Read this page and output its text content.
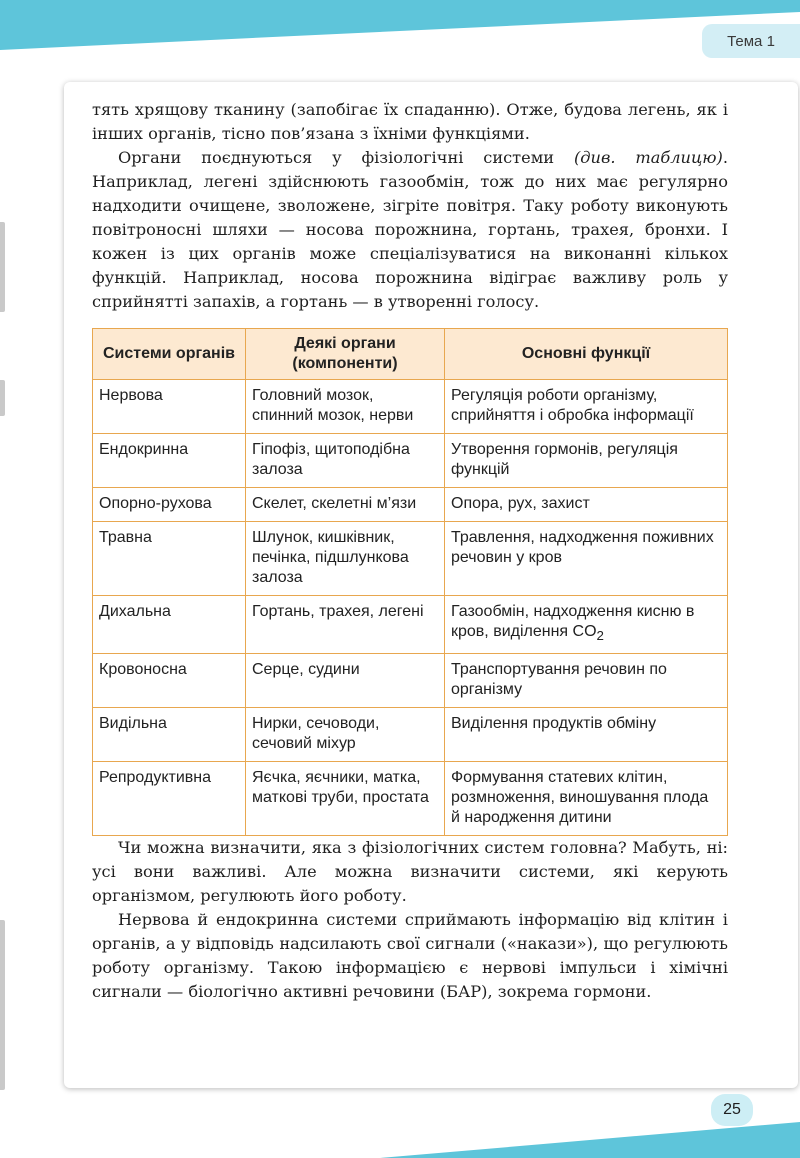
Тема 1

тять хрящову тканину (запобігає їх спаданню). Отже, будова легень, як і інших органів, тісно пов’язана з їхніми функціями.

Органи поєднуються у фізіологічні системи (див. таблицю). Наприклад, легені здійснюють газообмін, тож до них має регулярно надходити очищене, зволожене, зігріте повітря. Таку роботу виконують повітроносні шляхи — носова порожнина, гортань, трахея, бронхи. І кожен із цих органів може спеціалізуватися на виконанні кількох функцій. Наприклад, носова порожнина відіграє важливу роль у сприйнятті запахів, а гортань — в утворенні голосу.

Системи органів	Деякі органи (компоненти)	Основні функції
Нервова	Головний мозок, спинний мозок, нерви	Регуляція роботи організму, сприйняття і обробка інформації
Ендокринна	Гіпофіз, щитоподібна залоза	Утворення гормонів, регуляція функцій
Опорно-рухова	Скелет, скелетні м’язи	Опора, рух, захист
Травна	Шлунок, кишківник, печінка, підшлункова залоза	Травлення, надходження поживних речовин у кров
Дихальна	Гортань, трахея, легені	Газообмін, надходження кисню в кров, виділення $CO_2$
Кровоносна	Серце, судини	Транспортування речовин по організму
Видільна	Нирки, сечоводи, сечовий міхур	Виділення продуктів обміну
Репродуктивна	Яєчка, яєчники, матка, маткові труби, простата	Формування статевих клітин, розмноження, виношування плода й народження дитини

Чи можна визначити, яка з фізіологічних систем головна? Мабуть, ні: усі вони важливі. Але можна визначити системи, які керують організмом, регулюють його роботу.

Нервова й ендокринна системи сприймають інформацію від клітин і органів, а у відповідь надсилають свої сигнали («накази»), що регулюють роботу організму. Такою інформацією є нервові імпульси і хімічні сигнали — біологічно активні речовини (БАР), зокрема гормони.

25
